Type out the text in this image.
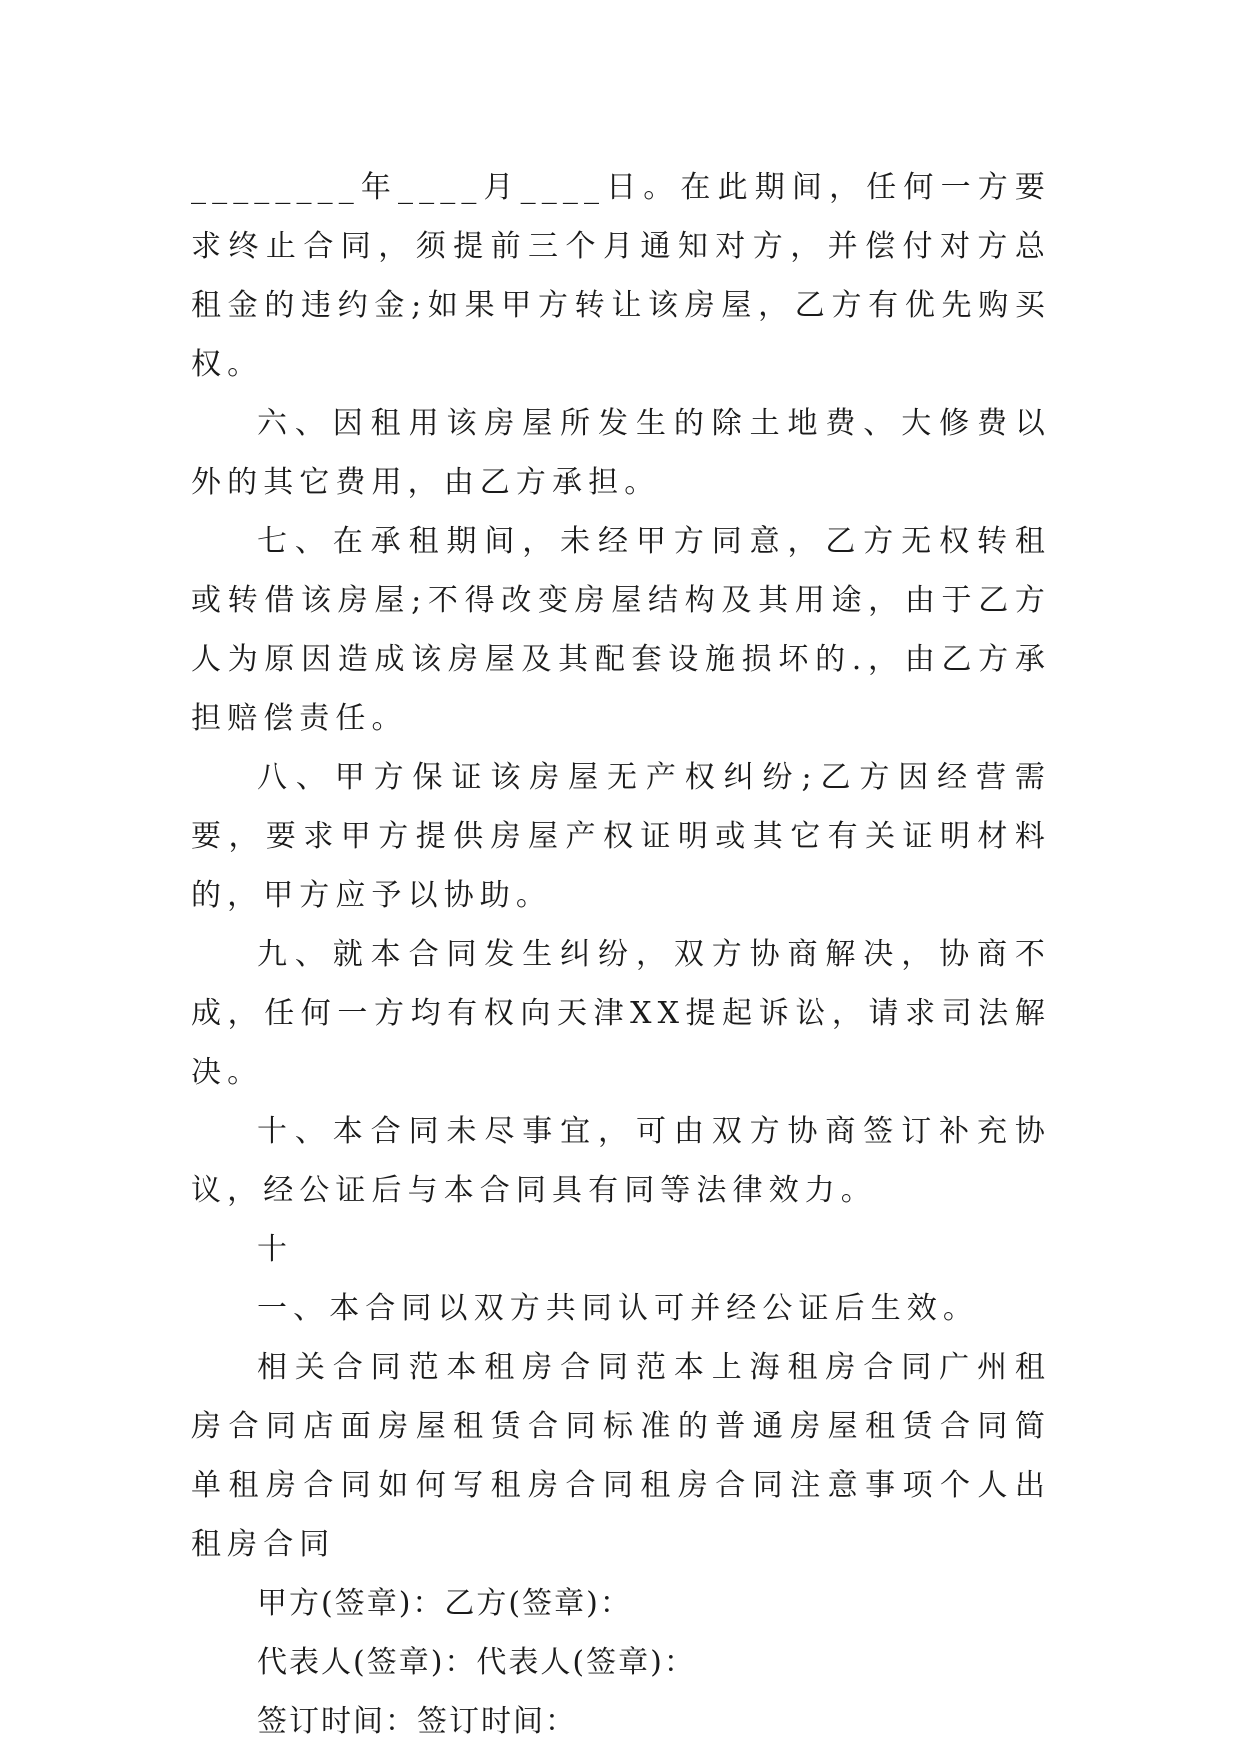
________年____月____日。在此期间，任何一方要求终止合同，须提前三个月通知对方，并偿付对方总租金的违约金;如果甲方转让该房屋，乙方有优先购买权。

六、因租用该房屋所发生的除土地费、大修费以外的其它费用，由乙方承担。

七、在承租期间，未经甲方同意，乙方无权转租或转借该房屋;不得改变房屋结构及其用途，由于乙方人为原因造成该房屋及其配套设施损坏的.，由乙方承担赔偿责任。

八、甲方保证该房屋无产权纠纷;乙方因经营需要，要求甲方提供房屋产权证明或其它有关证明材料的，甲方应予以协助。

九、就本合同发生纠纷，双方协商解决，协商不成，任何一方均有权向天津XX提起诉讼，请求司法解决。

十、本合同未尽事宜，可由双方协商签订补充协议，经公证后与本合同具有同等法律效力。

十

一、本合同以双方共同认可并经公证后生效。

相关合同范本租房合同范本上海租房合同广州租房合同店面房屋租赁合同标准的普通房屋租赁合同简单租房合同如何写租房合同租房合同注意事项个人出租房合同

甲方(签章)：乙方(签章)：

代表人(签章)：代表人(签章)：

签订时间：签订时间：
